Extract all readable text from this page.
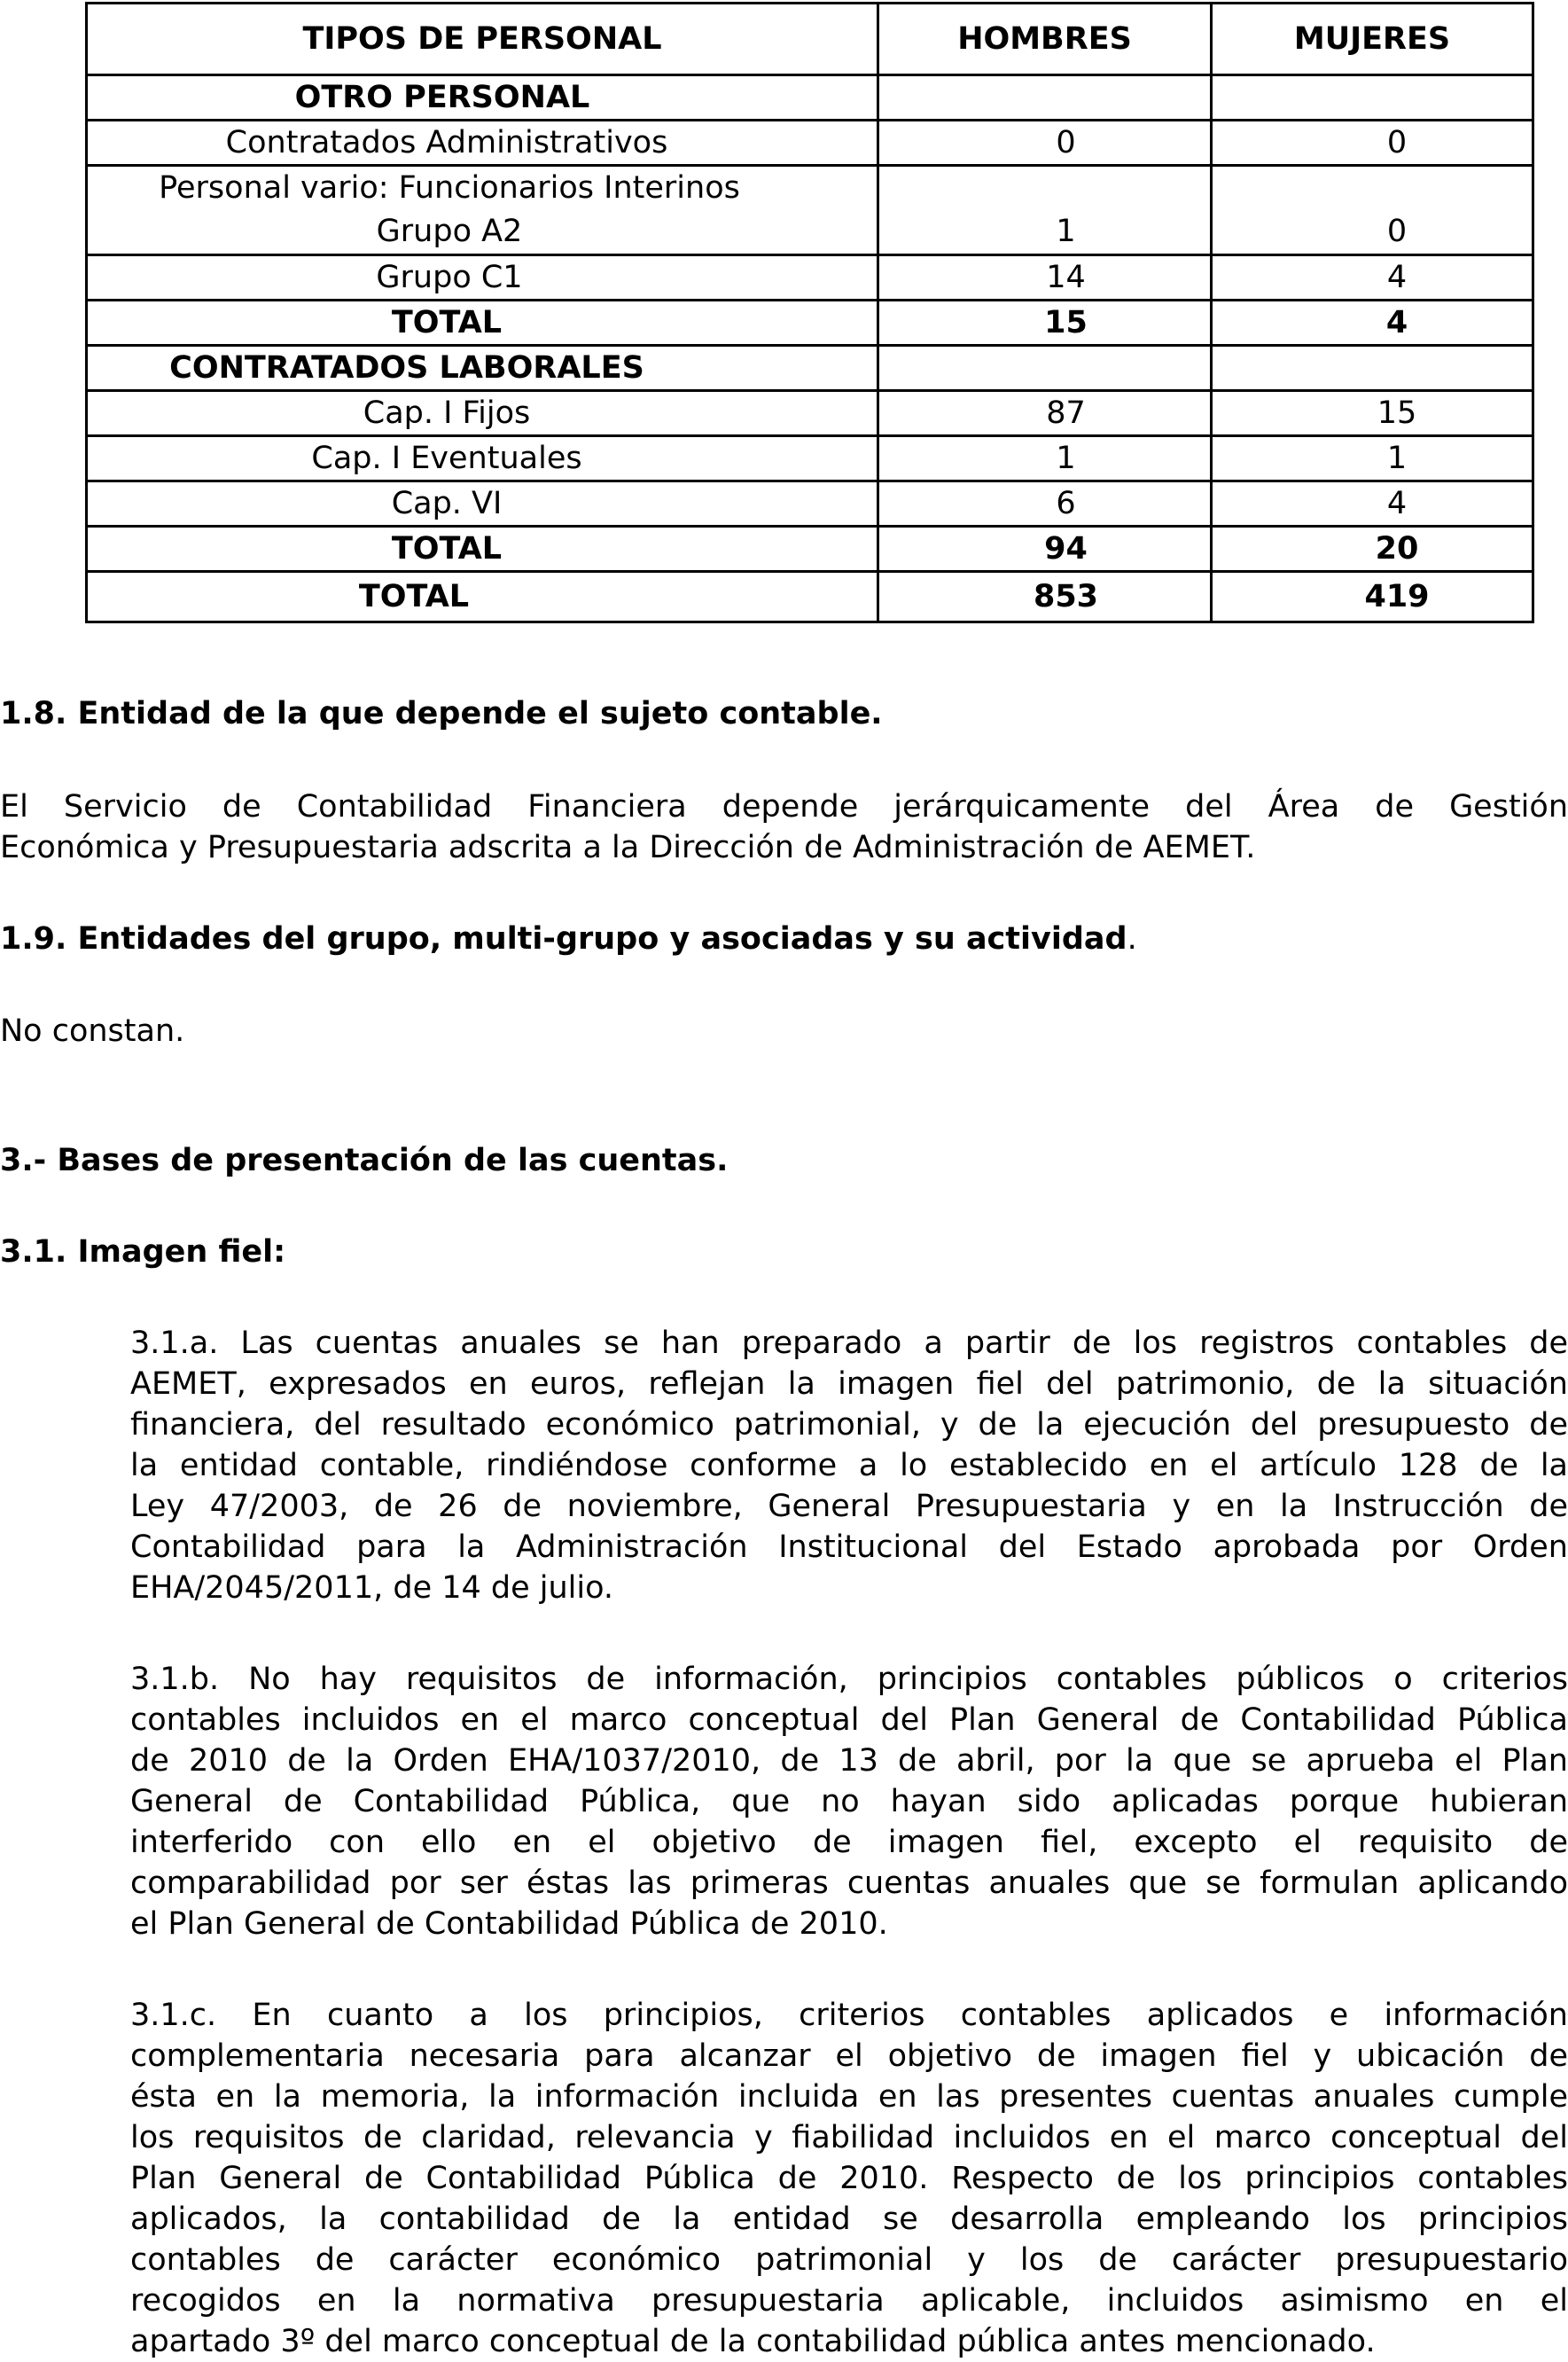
TIPOS DE PERSONAL	HOMBRES	MUJERES
OTRO PERSONAL		
Contratados Administrativos	0	0

Personal vario: Funcionarios Interinos
Grupo A2	1	0

Grupo C1	14	4
TOTAL	15	4
CONTRATADOS LABORALES		
Cap. I Fijos	87	15
Cap. I Eventuales	1	1
Cap. VI	6	4
TOTAL	94	20
TOTAL	853	419
1.8. Entidad de la que depende el sujeto contable.
El Servicio de Contabilidad Financiera depende jerárquicamente del Área de Gestión
Económica y Presupuestaria adscrita a la Dirección de Administración de AEMET.
1.9. Entidades del grupo, multi-grupo y asociadas y su actividad.
No constan.
3.- Bases de presentación de las cuentas.
3.1. Imagen fiel:
3.1.a. Las cuentas anuales se han preparado a partir de los registros contables de
AEMET, expresados en euros, reflejan la imagen fiel del patrimonio, de la situación
financiera, del resultado económico patrimonial, y de la ejecución del presupuesto de
la entidad contable, rindiéndose conforme a lo establecido en el artículo 128 de la
Ley 47/2003, de 26 de noviembre, General Presupuestaria y en la Instrucción de
Contabilidad para la Administración Institucional del Estado aprobada por Orden
EHA/2045/2011, de 14 de julio.
3.1.b. No hay requisitos de información, principios contables públicos o criterios
contables incluidos en el marco conceptual del Plan General de Contabilidad Pública
de 2010 de la Orden EHA/1037/2010, de 13 de abril, por la que se aprueba el Plan
General de Contabilidad Pública, que no hayan sido aplicadas porque hubieran
interferido con ello en el objetivo de imagen fiel, excepto el requisito de
comparabilidad por ser éstas las primeras cuentas anuales que se formulan aplicando
el Plan General de Contabilidad Pública de 2010.
3.1.c. En cuanto a los principios, criterios contables aplicados e información
complementaria necesaria para alcanzar el objetivo de imagen fiel y ubicación de
ésta en la memoria, la información incluida en las presentes cuentas anuales cumple
los requisitos de claridad, relevancia y fiabilidad incluidos en el marco conceptual del
Plan General de Contabilidad Pública de 2010. Respecto de los principios contables
aplicados, la contabilidad de la entidad se desarrolla empleando los principios
contables de carácter económico patrimonial y los de carácter presupuestario
recogidos en la normativa presupuestaria aplicable, incluidos asimismo en el
apartado 3º del marco conceptual de la contabilidad pública antes mencionado.
